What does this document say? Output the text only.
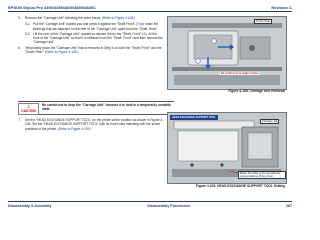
EPSON Stylus Pro 4400/4450/4800/4880/4880C	Revision C
5.	Remove the "Carriage Unit" following the order below. (Refer to Figure 4-108.)
5-1. Pull the "Carriage Unit" toward you and press it against the "Shaft Front" (①) to make the bearings that are attached on the rear of the "Carriage Unit" apart from the "Shaft, Rear".
5-2. Lift the rear of the "Carriage Unit" upward to release it from the "Shaft, Front" (②). At the front of the "Carriage Unit" so that it is released from the "Shaft, Front", and then remove the "Carriage Unit".
6.	Temporarily place the "Carriage Unit" that is removed in Step 5 on both the "Shaft, Front" and the "Shaft, Rear". (Refer to Figure 4-108.)
⚠
CAUTION
Be careful not to drop the "Carriage Unit" because it is hold in a temporarily unstable state.
7.	Set the "HEAD EXCHANGE SUPPORT TOOL" on the printer at the position as shown in Figure 4-109. Set the "HEAD EXCHANGE SUPPORT TOOL" with its front holes matching with the screw positions of the printer. (Refer to Figure 4-109.)
Screw, Rear
Be careful not to make contact.
Figure 4-108. Carriage Unit Removal
HEAD EXCHANGE SUPPORT TOOL
Carriage Unit
Match the holes of the tool with the screw positions of the printer.
Figure 4-109. HEAD EXCHANGE SUPPORT TOOL Setting
Disassembly & Assembly	Disassembly Procedures	287
